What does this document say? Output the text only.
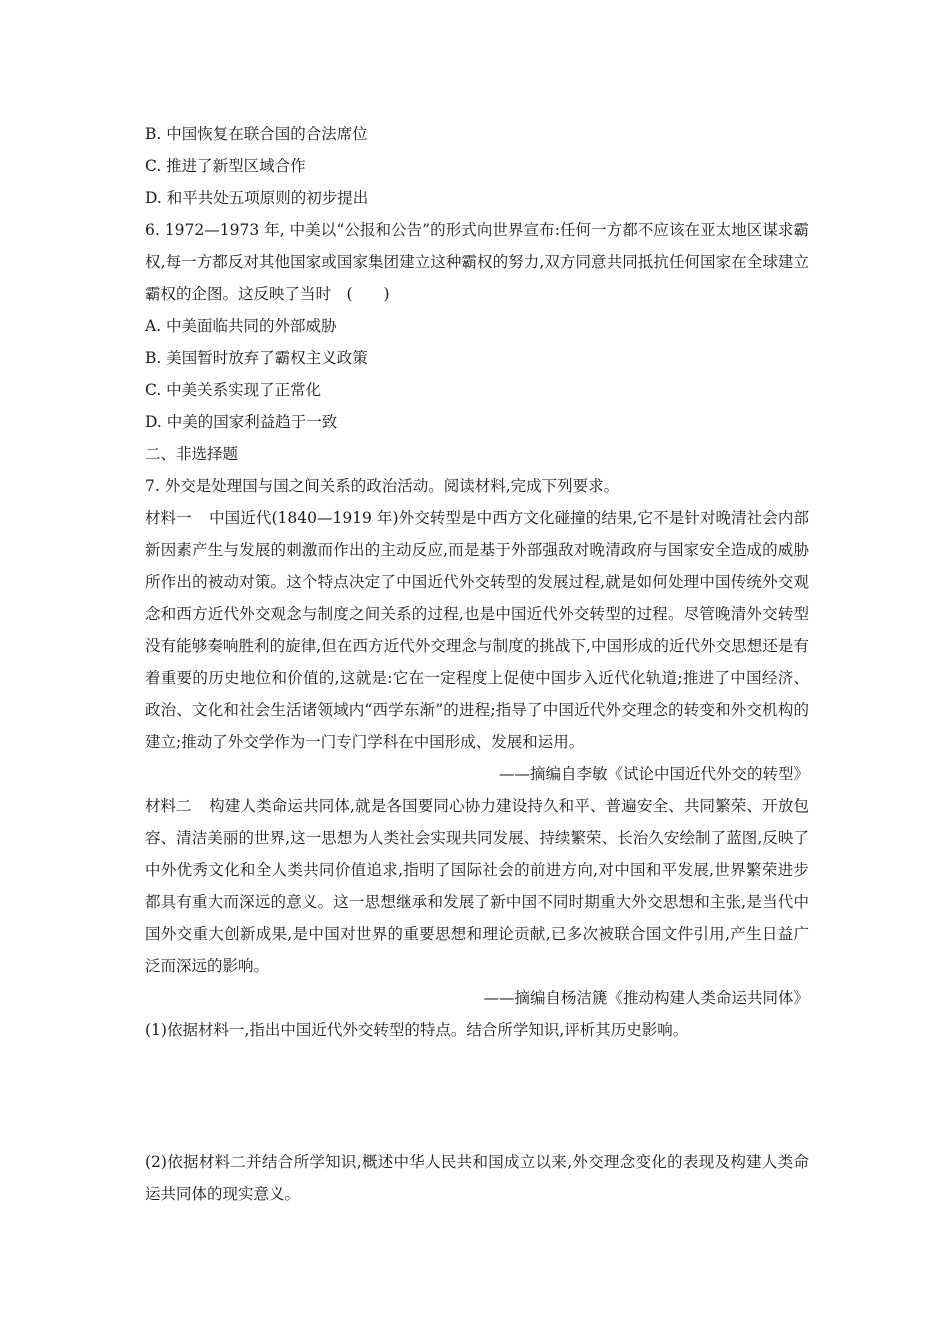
B. 中国恢复在联合国的合法席位
C. 推进了新型区域合作
D. 和平共处五项原则的初步提出
6. 1972—1973 年, 中美以“公报和公告”的形式向世界宣布:任何一方都不应该在亚太地区谋求霸权,每一方都反对其他国家或国家集团建立这种霸权的努力,双方同意共同抵抗任何国家在全球建立霸权的企图。这反映了当时　(　　)
A. 中美面临共同的外部威胁
B. 美国暂时放弃了霸权主义政策
C. 中美关系实现了正常化
D. 中美的国家利益趋于一致
二、非选择题
7. 外交是处理国与国之间关系的政治活动。阅读材料,完成下列要求。
材料一 中国近代(1840—1919 年)外交转型是中西方文化碰撞的结果,它不是针对晚清社会内部新因素产生与发展的刺激而作出的主动反应,而是基于外部强敌对晚清政府与国家安全造成的威胁所作出的被动对策。这个特点决定了中国近代外交转型的发展过程,就是如何处理中国传统外交观念和西方近代外交观念与制度之间关系的过程,也是中国近代外交转型的过程。尽管晚清外交转型没有能够奏响胜利的旋律,但在西方近代外交理念与制度的挑战下,中国形成的近代外交思想还是有着重要的历史地位和价值的,这就是:它在一定程度上促使中国步入近代化轨道;推进了中国经济、政治、文化和社会生活诸领域内“西学东渐”的进程;指导了中国近代外交理念的转变和外交机构的建立;推动了外交学作为一门专门学科在中国形成、发展和运用。
——摘编自李敏《试论中国近代外交的转型》
材料二 构建人类命运共同体,就是各国要同心协力建设持久和平、普遍安全、共同繁荣、开放包容、清洁美丽的世界,这一思想为人类社会实现共同发展、持续繁荣、长治久安绘制了蓝图,反映了中外优秀文化和全人类共同价值追求,指明了国际社会的前进方向,对中国和平发展,世界繁荣进步都具有重大而深远的意义。这一思想继承和发展了新中国不同时期重大外交思想和主张,是当代中国外交重大创新成果,是中国对世界的重要思想和理论贡献,已多次被联合国文件引用,产生日益广泛而深远的影响。
——摘编自杨洁篪《推动构建人类命运共同体》
(1)依据材料一,指出中国近代外交转型的特点。结合所学知识,评析其历史影响。
(2)依据材料二并结合所学知识,概述中华人民共和国成立以来,外交理念变化的表现及构建人类命运共同体的现实意义。
